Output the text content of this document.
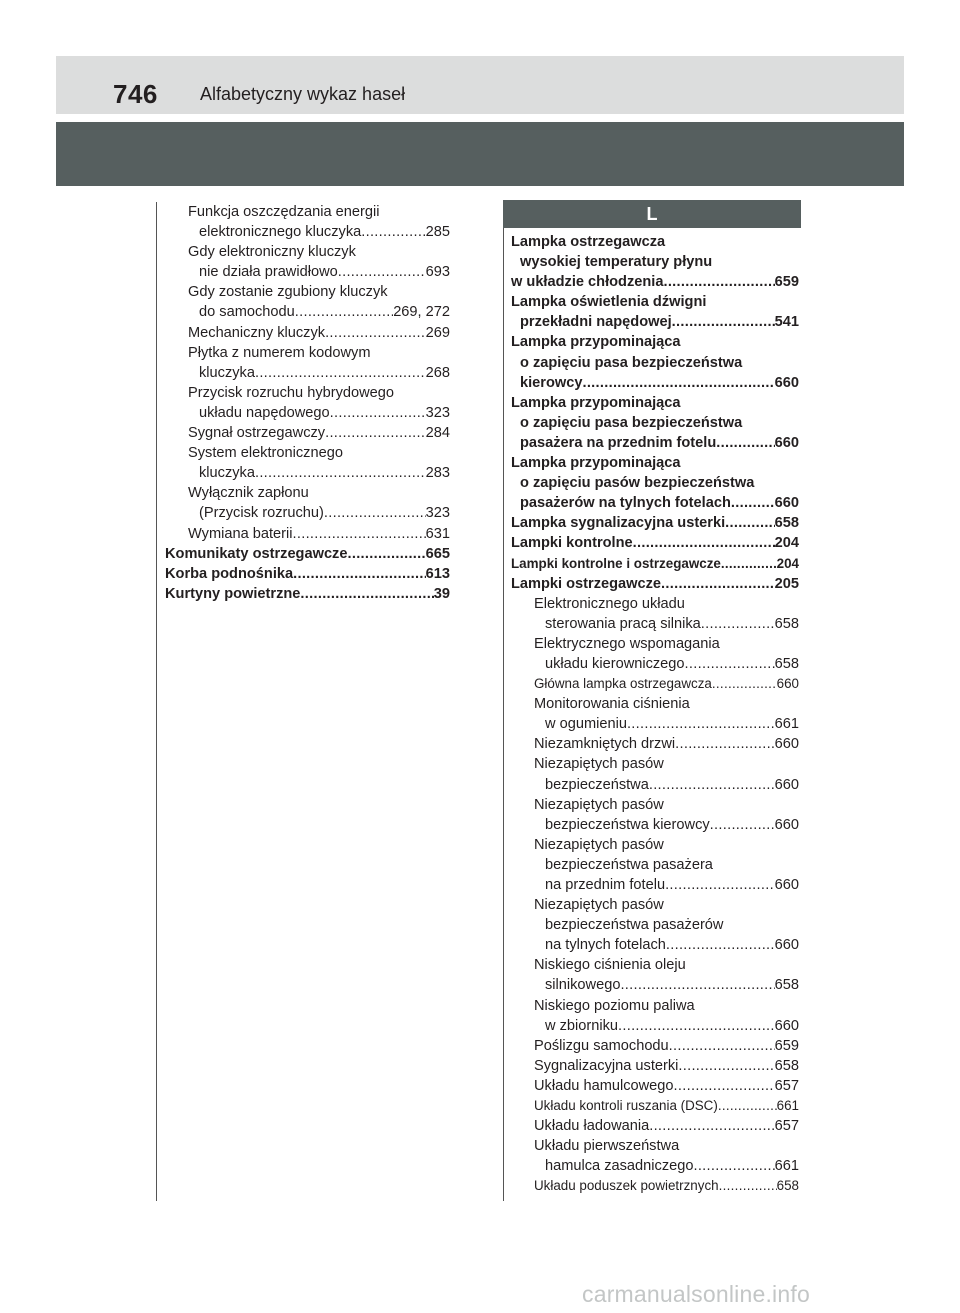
746 Alfabetyczny wykaz haseł
L
Funkcja oszczędzania energii
elektronicznego kluczyka .....	285
Gdy elektroniczny kluczyk
nie działa prawidłowo .....	693
Gdy zostanie zgubiony kluczyk
do samochodu .....	269, 272
Mechaniczny kluczyk .....	269
Płytka z numerem kodowym
kluczyka .....	268
Przycisk rozruchu hybrydowego
układu napędowego .....	323
Sygnał ostrzegawczy .....	284
System elektronicznego
kluczyka .....	283
Wyłącznik zapłonu
(Przycisk rozruchu) .....	323
Wymiana baterii .....	631
Komunikaty ostrzegawcze .....	665
Korba podnośnika .....	613
Kurtyny powietrzne .....	39
Lampka ostrzegawcza
wysokiej temperatury płynu
w układzie chłodzenia .....	659
Lampka oświetlenia dźwigni
przekładni napędowej .....	541
Lampka przypominająca
o zapięciu pasa bezpieczeństwa
kierowcy .....	660
Lampka przypominająca
o zapięciu pasa bezpieczeństwa
pasażera na przednim fotelu .....	660
Lampka przypominająca
o zapięciu pasów bezpieczeństwa
pasażerów na tylnych fotelach .....	660
Lampka sygnalizacyjna usterki .....	658
Lampki kontrolne .....	204
Lampki kontrolne i ostrzegawcze .....	204
Lampki ostrzegawcze .....	205
Elektronicznego układu
sterowania pracą silnika .....	658
Elektrycznego wspomagania
układu kierowniczego .....	658
Główna lampka ostrzegawcza .....	660
Monitorowania ciśnienia
w ogumieniu .....	661
Niezamkniętych drzwi .....	660
Niezapiętych pasów
bezpieczeństwa .....	660
Niezapiętych pasów
bezpieczeństwa kierowcy .....	660
Niezapiętych pasów
bezpieczeństwa pasażera
na przednim fotelu .....	660
Niezapiętych pasów
bezpieczeństwa pasażerów
na tylnych fotelach .....	660
Niskiego ciśnienia oleju
silnikowego .....	658
Niskiego poziomu paliwa
w zbiorniku .....	660
Poślizgu samochodu .....	659
Sygnalizacyjna usterki .....	658
Układu hamulcowego .....	657
Układu kontroli ruszania (DSC) .....	661
Układu ładowania .....	657
Układu pierwszeństwa
hamulca zasadniczego .....	661
Układu poduszek powietrznych .....	658
carmanualsonline.info
